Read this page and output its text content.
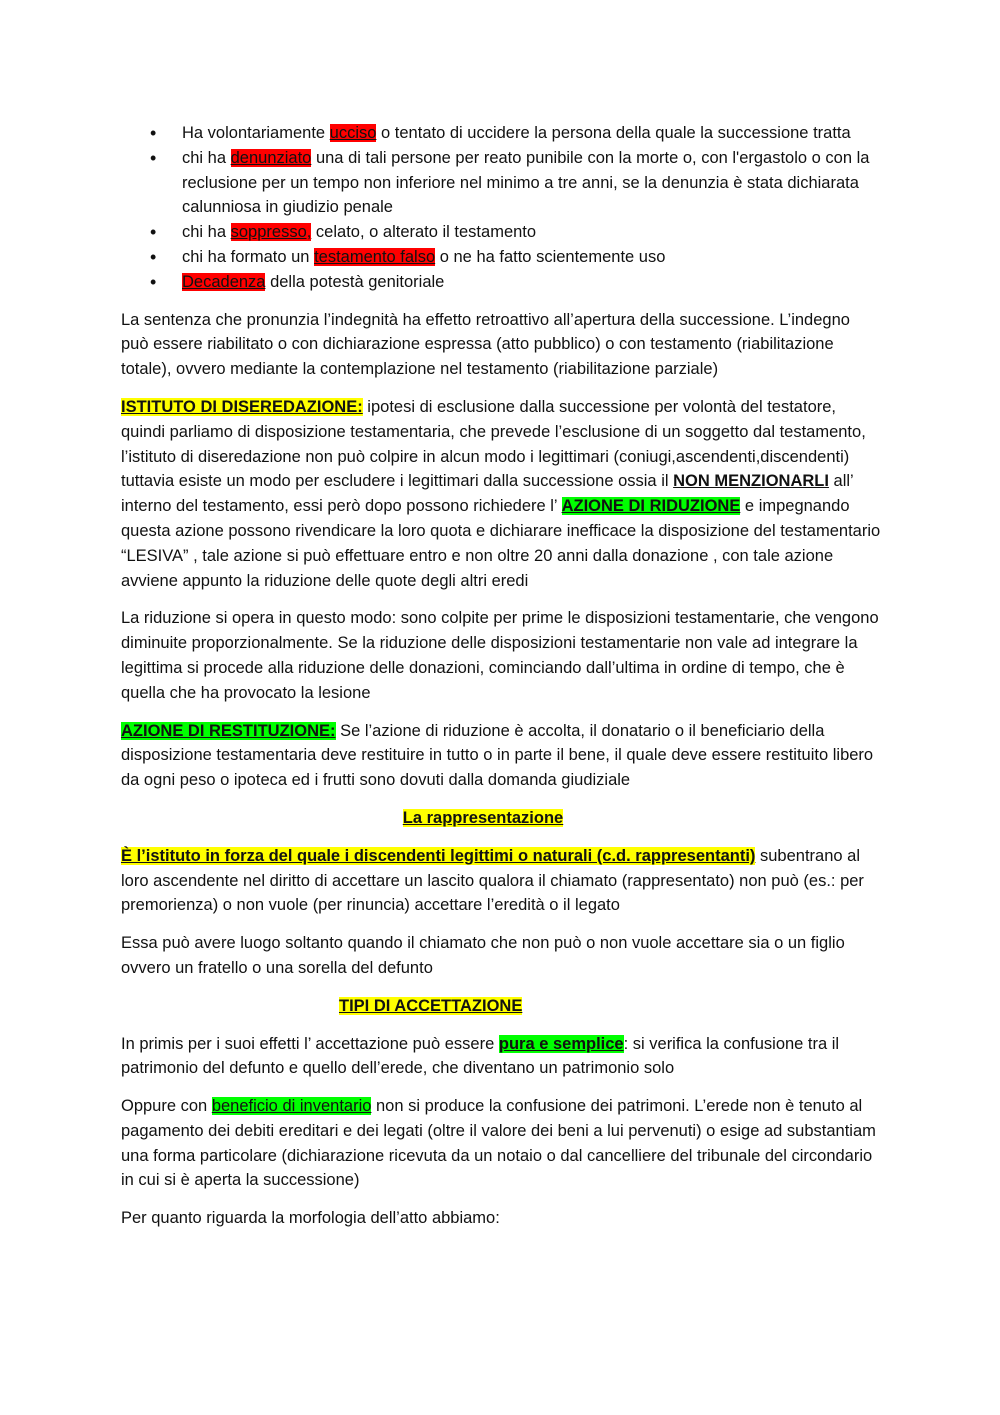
• Ha volontariamente ucciso o tentato di uccidere la persona della quale la successione tratta
• chi ha denunziato una di tali persone per reato punibile con la morte o, con l'ergastolo o con la reclusione per un tempo non inferiore nel minimo a tre anni, se la denunzia è stata dichiarata calunniosa in giudizio penale
• chi ha soppresso, celato, o alterato il testamento
• chi ha formato un testamento falso o ne ha fatto scientemente uso
• Decadenza della potestà genitoriale

La sentenza che pronunzia l’indegnità ha effetto retroattivo all’apertura della successione. L’indegno può essere riabilitato o con dichiarazione espressa (atto pubblico) o con testamento (riabilitazione totale), ovvero mediante la contemplazione nel testamento (riabilitazione parziale)

ISTITUTO DI DISEREDAZIONE: ipotesi di esclusione dalla successione per volontà del testatore, quindi parliamo di disposizione testamentaria, che prevede l’esclusione di un soggetto dal testamento, l’istituto di diseredazione non può colpire in alcun modo i legittimari (coniugi,ascendenti,discendenti) tuttavia esiste un modo per escludere i legittimari dalla successione ossia il NON MENZIONARLI all’ interno del testamento, essi però dopo possono richiedere l’ AZIONE DI RIDUZIONE e impegnando questa azione possono rivendicare la loro quota e dichiarare inefficace la disposizione del testamentario “LESIVA” , tale azione si può effettuare entro e non oltre 20 anni dalla donazione , con tale azione avviene appunto la riduzione delle quote degli altri eredi

La riduzione si opera in questo modo: sono colpite per prime le disposizioni testamentarie, che vengono diminuite proporzionalmente. Se la riduzione delle disposizioni testamentarie non vale ad integrare la legittima si procede alla riduzione delle donazioni, cominciando dall’ultima in ordine di tempo, che è quella che ha provocato la lesione

AZIONE DI RESTITUZIONE: Se l’azione di riduzione è accolta, il donatario o il beneficiario della disposizione testamentaria deve restituire in tutto o in parte il bene, il quale deve essere restituito libero da ogni peso o ipoteca ed i frutti sono dovuti dalla domanda giudiziale

La rappresentazione

È l’istituto in forza del quale i discendenti legittimi o naturali (c.d. rappresentanti) subentrano al loro ascendente nel diritto di accettare un lascito qualora il chiamato (rappresentato) non può (es.: per premorienza) o non vuole (per rinuncia) accettare l’eredità o il legato

Essa può avere luogo soltanto quando il chiamato che non può o non vuole accettare sia o un figlio ovvero un fratello o una sorella del defunto

TIPI DI ACCETTAZIONE

In primis per i suoi effetti l’ accettazione può essere pura e semplice: si verifica la confusione tra il patrimonio del defunto e quello dell’erede, che diventano un patrimonio solo

Oppure con beneficio di inventario non si produce la confusione dei patrimoni. L’erede non è tenuto al pagamento dei debiti ereditari e dei legati (oltre il valore dei beni a lui pervenuti) o esige ad substantiam una forma particolare (dichiarazione ricevuta da un notaio o dal cancelliere del tribunale del circondario in cui si è aperta la successione)

Per quanto riguarda la morfologia dell’atto abbiamo:
